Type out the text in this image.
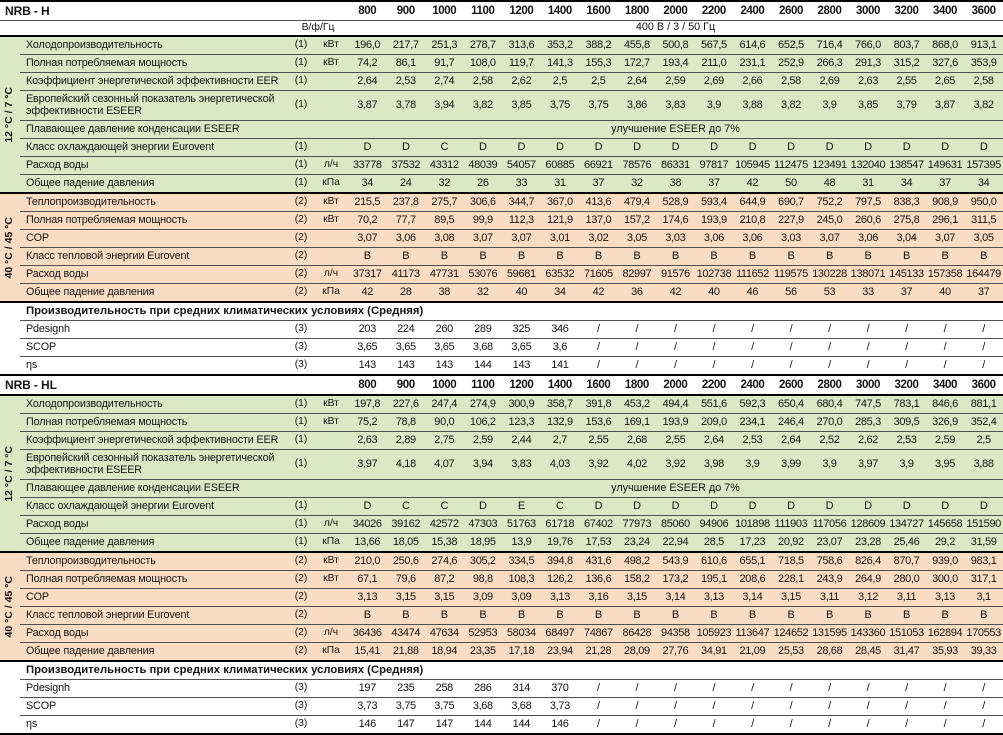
NRB - H				800	900	1000	1100	1200	1400	1600	1800	2000	2200	2400	2600	2800	3000	3200	3400	3600
		В/ф/Гц		400 В / 3 / 50 Гц																

12 °C / 7 °C	Холодопроизводительность	(1)	кВт	196,0	217,7	251,3	278,7	313,6	353,2	388,2	455,8	500,8	567,5	614,6	652,5	716,4	766,0	803,7	868,0	913,1
	Полная потребляемая мощность	(1)	кВт	74,2	86,1	91,7	108,0	119,7	141,3	155,3	172,7	193,4	211,0	231,1	252,9	266,3	291,3	315,2	327,6	353,9
	Коэффициент энергетической эффективности EER	(1)		2,64	2,53	2,74	2,58	2,62	2,5	2,5	2,64	2,59	2,69	2,66	2,58	2,69	2,63	2,55	2,65	2,58
	Европейский сезонный показатель энергетической эффективности ESEER	(1)		3,87	3,78	3,94	3,82	3,85	3,75	3,75	3,86	3,83	3,9	3,88	3,82	3,9	3,85	3,79	3,87	3,82
	Плавающее давление конденсации ESEER			улучшение ESEER до 7%																
	Класс охлаждающей энергии Eurovent	(1)		D	D	C	D	D	D	D	D	D	D	D	D	D	D	D	D	D
	Расход воды	(1)	л/ч	33778	37532	43312	48039	54057	60885	66921	78576	86331	97817	105945	112475	123491	132040	138547	149631	157395
	Общее падение давления	(1)	кПа	34	24	32	26	33	31	37	32	38	37	42	50	48	31	34	37	34

40 °C / 45 °C	Теплопроизводительность	(2)	кВт	215,5	237,8	275,7	306,6	344,7	367,0	413,6	479,4	528,9	593,4	644,9	690,7	752,2	797,5	838,3	908,9	950,0
	Полная потребляемая мощность	(2)	кВт	70,2	77,7	89,5	99,9	112,3	121,9	137,0	157,2	174,6	193,9	210,8	227,9	245,0	260,6	275,8	296,1	311,5
	COP	(2)		3,07	3,06	3,08	3,07	3,07	3,01	3,02	3,05	3,03	3,06	3,06	3,03	3,07	3,06	3,04	3,07	3,05
	Класс тепловой энергии Eurovent	(2)		B	B	B	B	B	B	B	B	B	B	B	B	B	B	B	B	B
	Расход воды	(2)	л/ч	37317	41173	47731	53076	59681	63532	71605	82997	91576	102738	111652	119575	130228	138071	145133	157358	164479
	Общее падение давления	(2)	кПа	42	28	38	32	40	34	42	36	42	40	46	56	53	33	37	40	37
	Производительность при средних климатических условиях (Средняя)																			
	Pdesignh	(3)		203	224	260	289	325	346	/	/	/	/	/	/	/	/	/	/	/
	SCOP	(3)		3,65	3,65	3,65	3,68	3,65	3,6	/	/	/	/	/	/	/	/	/	/	/
	ηs	(3)		143	143	143	144	143	141	/	/	/	/	/	/	/	/	/	/	/
NRB - HL				800	900	1000	1100	1200	1400	1600	1800	2000	2200	2400	2600	2800	3000	3200	3400	3600

12 °C / 7 °C	Холодопроизводительность	(1)	кВт	197,8	227,6	247,4	274,9	300,9	358,7	391,8	453,2	494,4	551,6	592,3	650,4	680,4	747,5	783,1	846,6	881,1
	Полная потребляемая мощность	(1)	кВт	75,2	78,8	90,0	106,2	123,3	132,9	153,6	169,1	193,9	209,0	234,1	246,4	270,0	285,3	309,5	326,9	352,4
	Коэффициент энергетической эффективности EER	(1)		2,63	2,89	2,75	2,59	2,44	2,7	2,55	2,68	2,55	2,64	2,53	2,64	2,52	2,62	2,53	2,59	2,5
	Европейский сезонный показатель энергетической эффективности ESEER	(1)		3,97	4,18	4,07	3,94	3,83	4,03	3,92	4,02	3,92	3,98	3,9	3,99	3,9	3,97	3,9	3,95	3,88
	Плавающее давление конденсации ESEER			улучшение ESEER до 7%																
	Класс охлаждающей энергии Eurovent	(1)		D	C	C	D	E	C	D	D	D	D	D	D	D	D	D	D	D
	Расход воды	(1)	л/ч	34026	39162	42572	47303	51763	61718	67402	77973	85060	94906	101898	111903	117056	128609	134727	145658	151590
	Общее падение давления	(1)	кПа	13,66	18,05	15,38	18,95	13,9	19,76	17,53	23,24	22,94	28,5	17,23	20,92	23,07	23,28	25,46	29,2	31,59

40 °C / 45 °C	Теплопроизводительность	(2)	кВт	210,0	250,6	274,6	305,2	334,5	394,8	431,6	498,2	543,9	610,6	655,1	718,5	758,6	826,4	870,7	939,0	983,1
	Полная потребляемая мощность	(2)	кВт	67,1	79,6	87,2	98,8	108,3	126,2	136,6	158,2	173,2	195,1	208,6	228,1	243,9	264,9	280,0	300,0	317,1
	COP	(2)		3,13	3,15	3,15	3,09	3,09	3,13	3,16	3,15	3,14	3,13	3,14	3,15	3,11	3,12	3,11	3,13	3,1
	Класс тепловой энергии Eurovent	(2)		B	B	B	B	B	B	B	B	B	B	B	B	B	B	B	B	B
	Расход воды	(2)	л/ч	36436	43474	47634	52953	58034	68497	74867	86428	94358	105923	113647	124652	131595	143360	151053	162894	170553
	Общее падение давления	(2)	кПа	15,41	21,88	18,94	23,35	17,18	23,94	21,28	28,09	27,76	34,91	21,09	25,53	28,68	28,45	31,47	35,93	39,33
	Производительность при средних климатических условиях (Средняя)																			
	Pdesignh	(3)		197	235	258	286	314	370	/	/	/	/	/	/	/	/	/	/	/
	SCOP	(3)		3,73	3,75	3,75	3,68	3,68	3,73	/	/	/	/	/	/	/	/	/	/	/
	ηs	(3)		146	147	147	144	144	146	/	/	/	/	/	/	/	/	/	/	/
